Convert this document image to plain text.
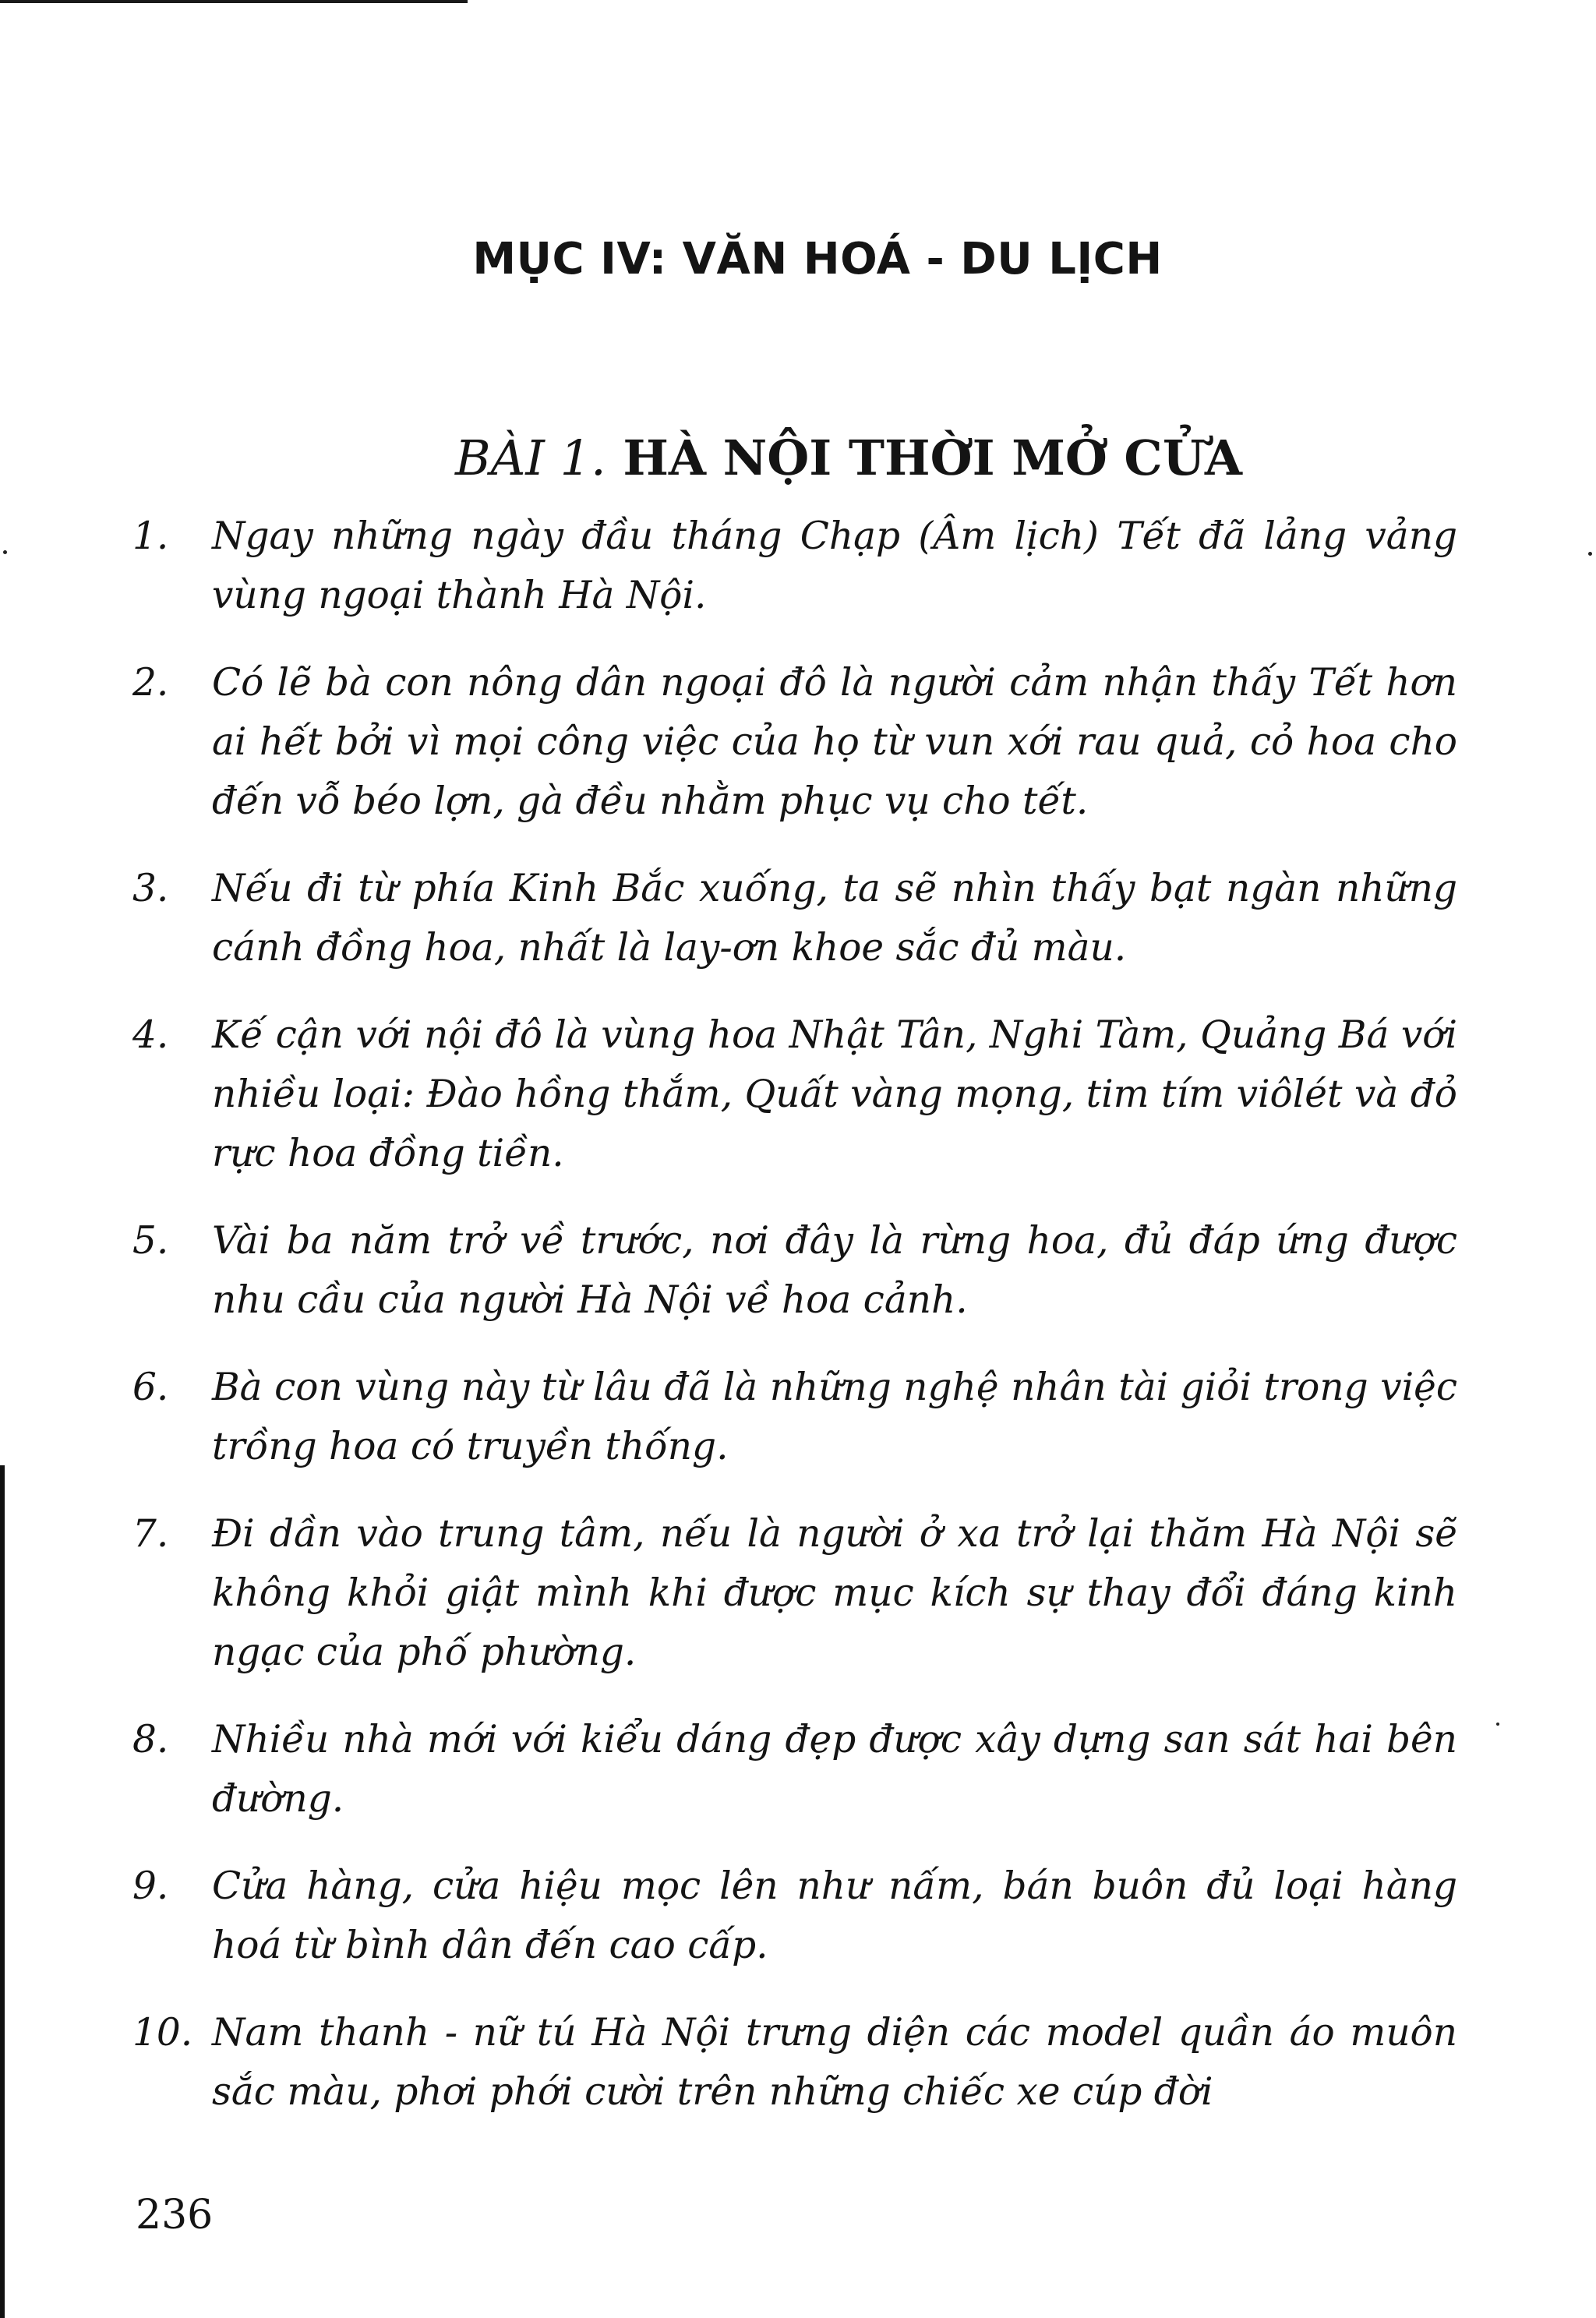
MỤC IV: VĂN HOÁ - DU LỊCH
BÀI 1. HÀ NỘI THỜI MỞ CỬA
1. Ngay những ngày đầu tháng Chạp (Âm lịch) Tết đã lảng vảng vùng ngoại thành Hà Nội.
2. Có lẽ bà con nông dân ngoại đô là người cảm nhận thấy Tết hơn ai hết bởi vì mọi công việc của họ từ vun xới rau quả, cỏ hoa cho đến vỗ béo lợn, gà đều nhằm phục vụ cho tết.
3. Nếu đi từ phía Kinh Bắc xuống, ta sẽ nhìn thấy bạt ngàn những cánh đồng hoa, nhất là lay-ơn khoe sắc đủ màu.
4. Kế cận với nội đô là vùng hoa Nhật Tân, Nghi Tàm, Quảng Bá với nhiều loại: Đào hồng thắm, Quất vàng mọng, tim tím viôlét và đỏ rực hoa đồng tiền.
5. Vài ba năm trở về trước, nơi đây là rừng hoa, đủ đáp ứng được nhu cầu của người Hà Nội về hoa cảnh.
6. Bà con vùng này từ lâu đã là những nghệ nhân tài giỏi trong việc trồng hoa có truyền thống.
7. Đi dần vào trung tâm, nếu là người ở xa trở lại thăm Hà Nội sẽ không khỏi giật mình khi được mục kích sự thay đổi đáng kinh ngạc của phố phường.
8. Nhiều nhà mới với kiểu dáng đẹp được xây dựng san sát hai bên đường.
9. Cửa hàng, cửa hiệu mọc lên như nấm, bán buôn đủ loại hàng hoá từ bình dân đến cao cấp.
10. Nam thanh - nữ tú Hà Nội trưng diện các model quần áo muôn sắc màu, phơi phới cười trên những chiếc xe cúp đời
236
